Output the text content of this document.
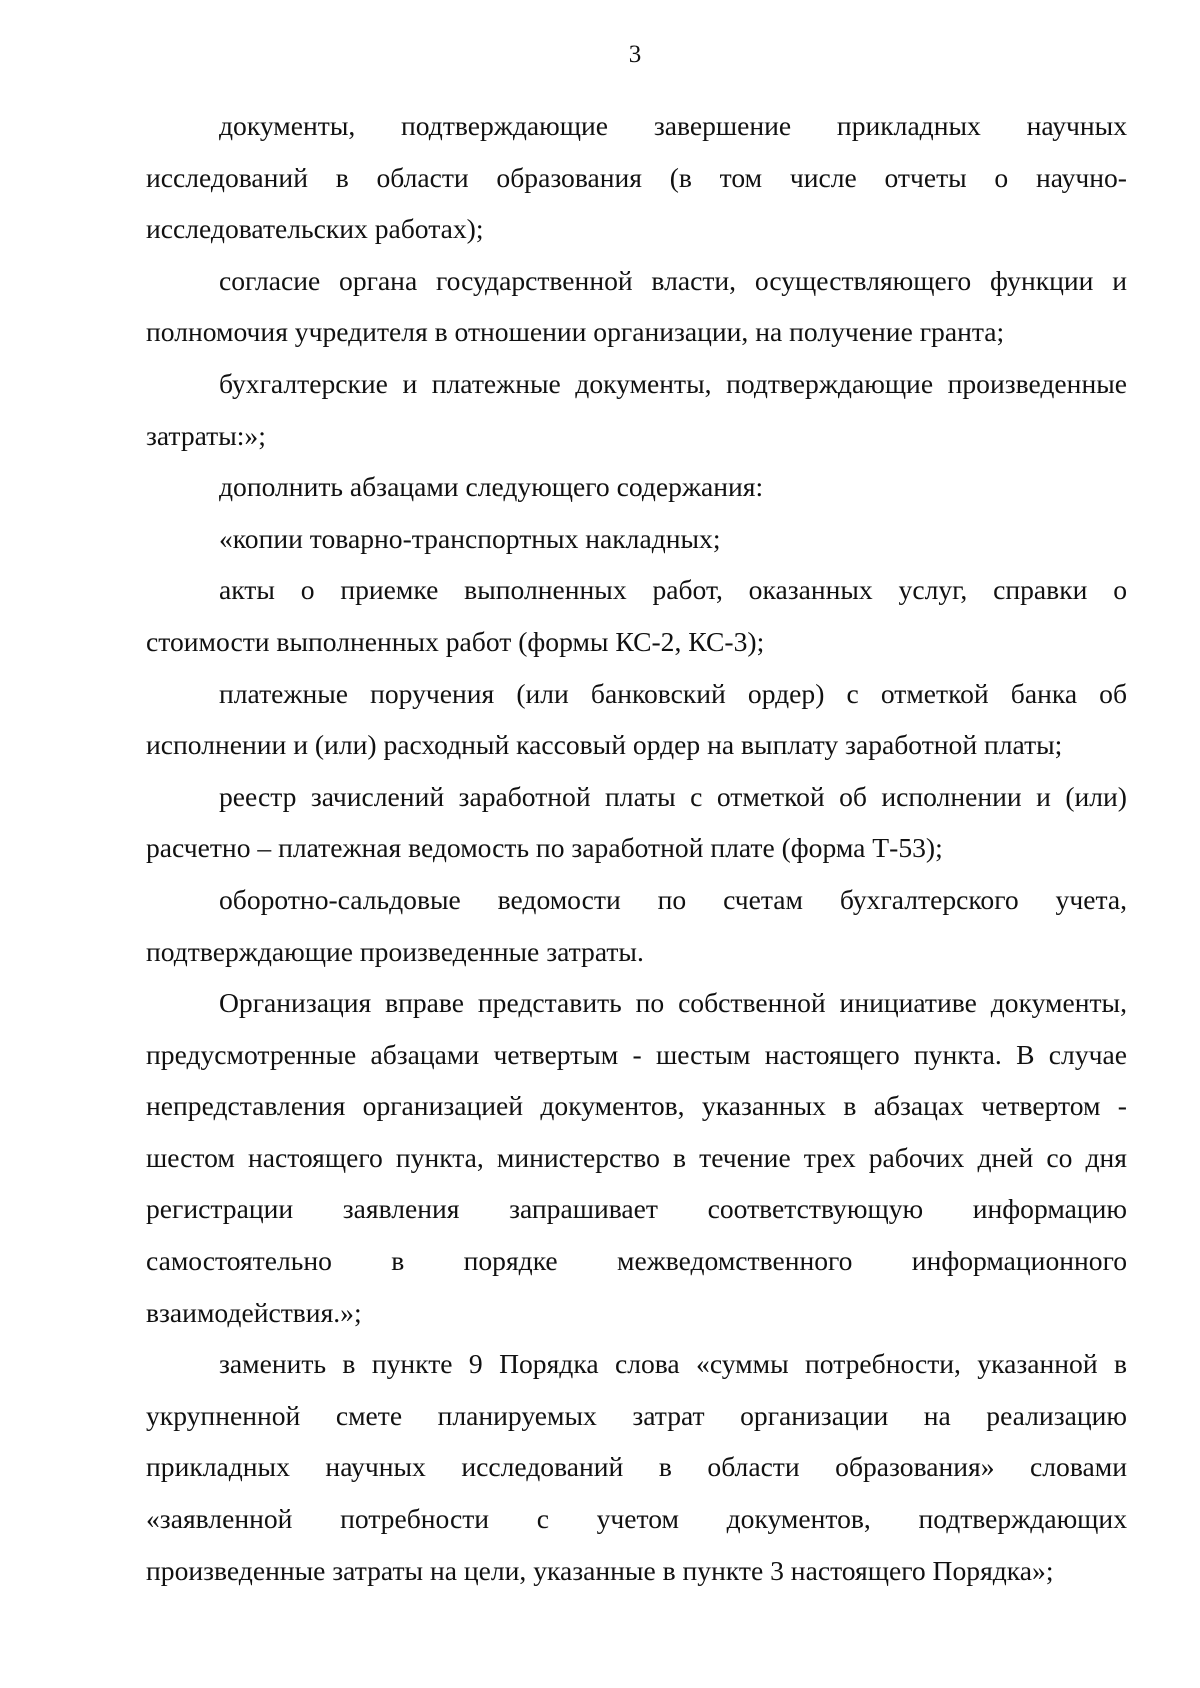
3
документы, подтверждающие завершение прикладных научных
исследований в области образования (в том числе отчеты о научно-
исследовательских работах);
согласие органа государственной власти, осуществляющего функции и
полномочия учредителя в отношении организации, на получение гранта;
бухгалтерские и платежные документы, подтверждающие произведенные
затраты:»;
дополнить абзацами следующего содержания:
«копии товарно-транспортных накладных;
акты о приемке выполненных работ, оказанных услуг, справки о
стоимости выполненных работ (формы КС-2, КС-3);
платежные поручения (или банковский ордер) с отметкой банка об
исполнении и (или) расходный кассовый ордер на выплату заработной платы;
реестр зачислений заработной платы с отметкой об исполнении и (или)
расчетно – платежная ведомость по заработной плате (форма Т-53);
оборотно-сальдовые ведомости по счетам бухгалтерского учета,
подтверждающие произведенные затраты.
Организация вправе представить по собственной инициативе документы,
предусмотренные абзацами четвертым - шестым настоящего пункта. В случае
непредставления организацией документов, указанных в абзацах четвертом -
шестом настоящего пункта, министерство в течение трех рабочих дней со дня
регистрации заявления запрашивает соответствующую информацию
самостоятельно в порядке межведомственного информационного
взаимодействия.»;
заменить в пункте 9 Порядка слова «суммы потребности, указанной в
укрупненной смете планируемых затрат организации на реализацию
прикладных научных исследований в области образования» словами
«заявленной потребности с учетом документов, подтверждающих
произведенные затраты на цели, указанные в пункте 3 настоящего Порядка»;
